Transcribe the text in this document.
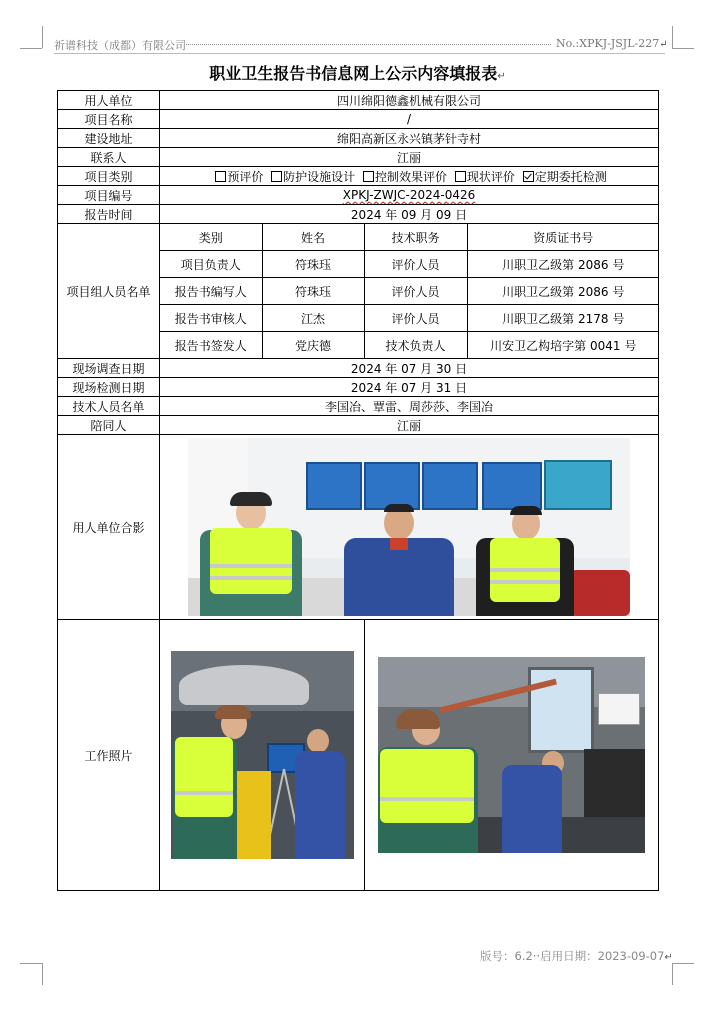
祈谱科技（成都）有限公司	No.:XPKJ-JSJL-227↵
职业卫生报告书信息网上公示内容填报表↵
用人单位	四川绵阳德鑫机械有限公司
项目名称	/
建设地址	绵阳高新区永兴镇茅针寺村
联系人	江丽
项目类别	预评价 防护设施设计 控制效果评价 现状评价 定期委托检测
项目编号	XPKJ-ZWJC-2024-0426
报告时间	2024 年 09 月 09 日
项目组人员名单	
类别	姓名	技术职务	资质证书号
项目负责人	符珠珏	评价人员	川职卫乙级第 2086 号
报告书编写人	符珠珏	评价人员	川职卫乙级第 2086 号
报告书审核人	江杰	评价人员	川职卫乙级第 2178 号
报告书签发人	党庆德	技术负责人	川安卫乙构培字第 0041 号

现场调查日期	2024 年 07 月 30 日
现场检测日期	2024 年 07 月 31 日
技术人员名单	李国冶、覃雷、周莎莎、李国冶
陪同人	江丽
用人单位合影	

工作照片	

版号：6.2··启用日期：2023-09-07↵
